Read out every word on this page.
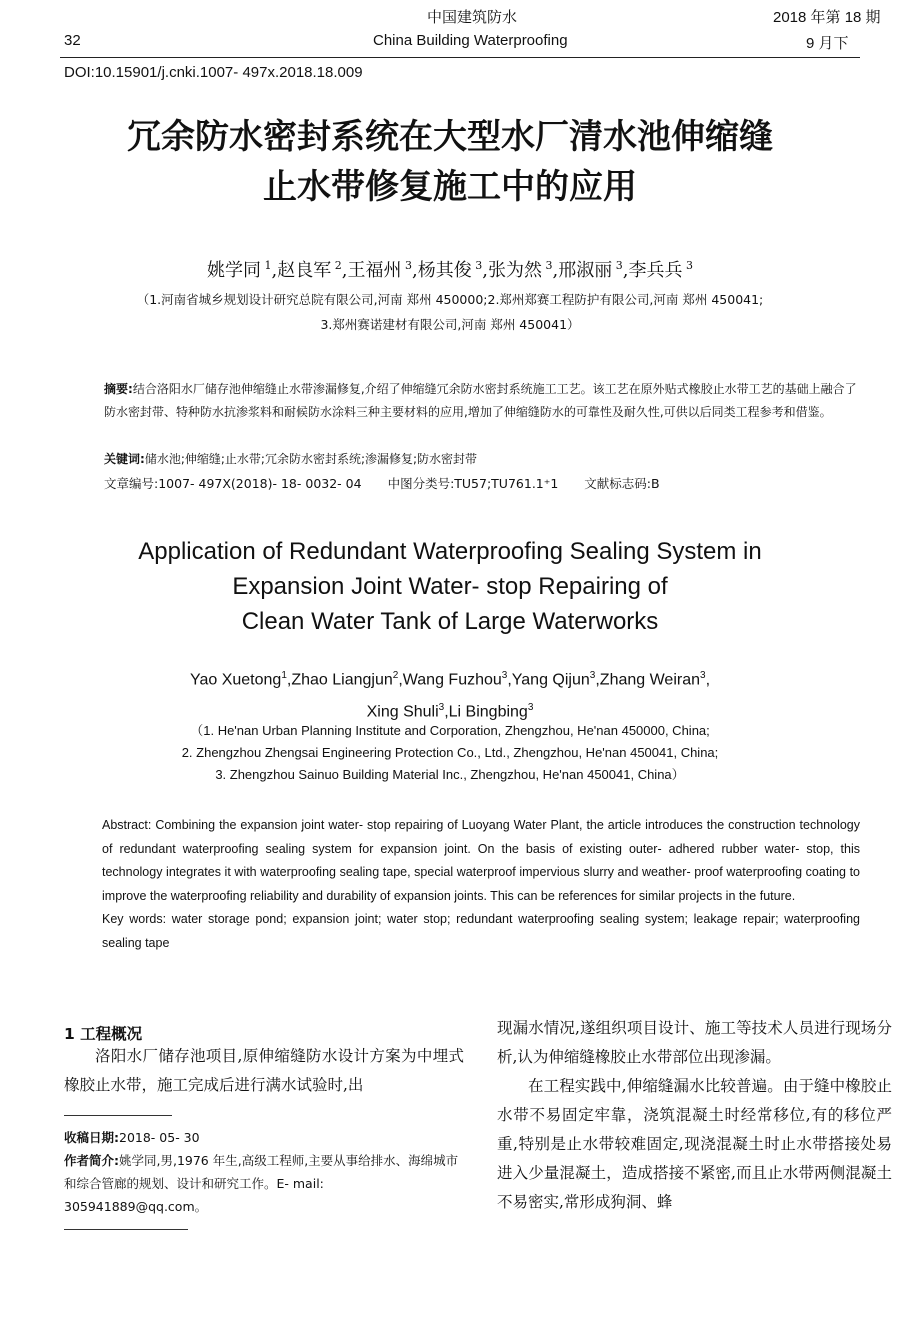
中国建筑防水	2018 年第 18 期
32	China Building Waterproofing	9 月下
DOI:10.15901/j.cnki.1007- 497x.2018.18.009
冗余防水密封系统在大型水厂清水池伸缩缝
止水带修复施工中的应用
姚学同 $^1$,赵良军 $^2$,王福州 $^3$,杨其俊 $^3$,张为然 $^3$,邢淑丽 $^3$,李兵兵 $^3$
（1.河南省城乡规划设计研究总院有限公司,河南 郑州 450000;2.郑州郑赛工程防护有限公司,河南 郑州 450041;
3.郑州赛诺建材有限公司,河南 郑州 450041）
摘要:结合洛阳水厂储存池伸缩缝止水带渗漏修复,介绍了伸缩缝冗余防水密封系统施工工艺。该工艺在原外贴式橡胶止水带工艺的基础上融合了防水密封带、特种防水抗渗浆料和耐候防水涂料三种主要材料的应用,增加了伸缩缝防水的可靠性及耐久性,可供以后同类工程参考和借鉴。
关键词:储水池;伸缩缝;止水带;冗余防水密封系统;渗漏修复;防水密封带
文章编号:1007- 497X(2018)- 18- 0032- 04 中图分类号:TU57;TU761.1⁺1 文献标志码:B
Application of Redundant Waterproofing Sealing System in
Expansion Joint Water- stop Repairing of
Clean Water Tank of Large Waterworks
Yao Xuetong$^1$,Zhao Liangjun$^2$,Wang Fuzhou$^3$,Yang Qijun$^3$,Zhang Weiran$^3$,
Xing Shuli$^3$,Li Bingbing$^3$
（1. He'nan Urban Planning Institute and Corporation, Zhengzhou, He'nan 450000, China;
2. Zhengzhou Zhengsai Engineering Protection Co., Ltd., Zhengzhou, He'nan 450041, China;
3. Zhengzhou Sainuo Building Material Inc., Zhengzhou, He'nan 450041, China）
Abstract: Combining the expansion joint water- stop repairing of Luoyang Water Plant, the article introduces the construction technology of redundant waterproofing sealing system for expansion joint. On the basis of existing outer- adhered rubber water- stop, this technology integrates it with waterproofing sealing tape, special waterproof impervious slurry and weather- proof waterproofing coating to improve the waterproofing reliability and durability of expansion joints. This can be references for similar projects in the future.
Key words: water storage pond; expansion joint; water stop; redundant waterproofing sealing system; leakage repair; waterproofing sealing tape
1 工程概况
洛阳水厂储存池项目,原伸缩缝防水设计方案为中埋式橡胶止水带，施工完成后进行满水试验时,出
现漏水情况,遂组织项目设计、施工等技术人员进行现场分析,认为伸缩缝橡胶止水带部位出现渗漏。
在工程实践中,伸缩缝漏水比较普遍。由于缝中橡胶止水带不易固定牢靠，浇筑混凝土时经常移位,有的移位严重,特别是止水带较难固定,现浇混凝土时止水带搭接处易进入少量混凝土，造成搭接不紧密,而且止水带两侧混凝土不易密实,常形成狗洞、蜂
收稿日期:2018- 05- 30
作者简介:姚学同,男,1976 年生,高级工程师,主要从事给排水、海绵城市和综合管廊的规划、设计和研究工作。E- mail: 305941889@qq.com。
